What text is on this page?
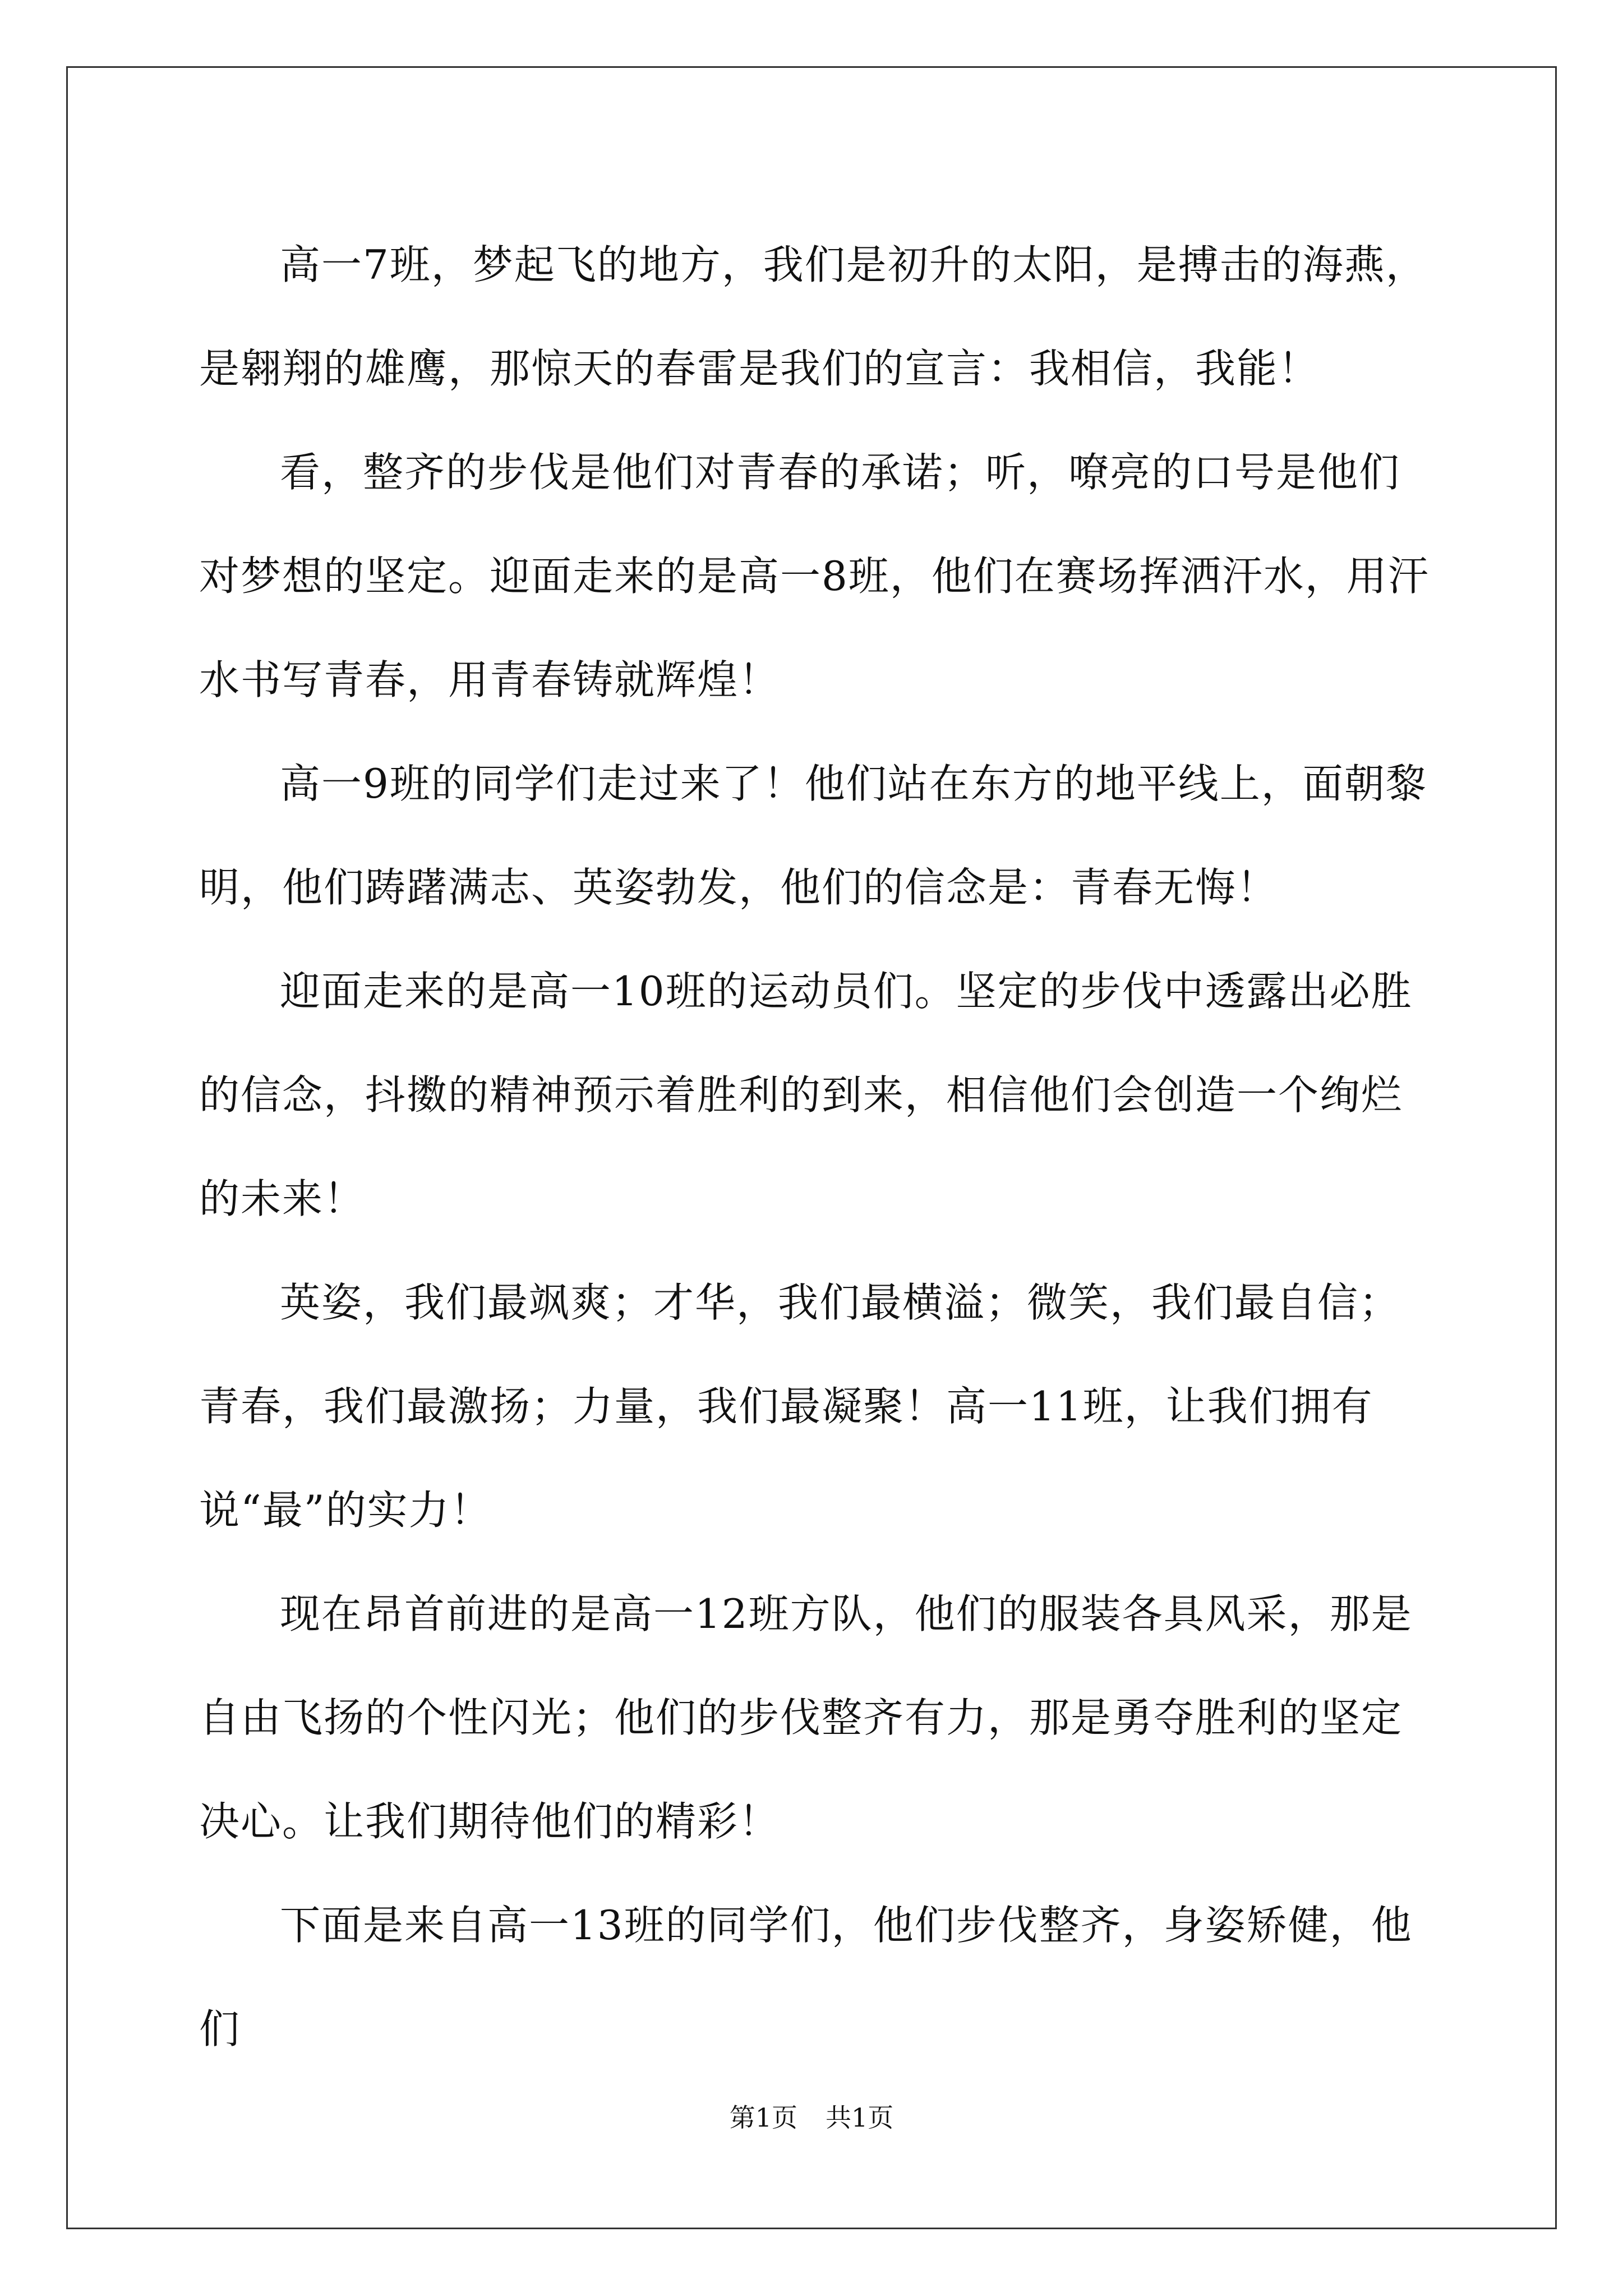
高一7班，梦起飞的地方，我们是初升的太阳，是搏击的海燕，是翱翔的雄鹰，那惊天的春雷是我们的宣言：我相信，我能！

看，整齐的步伐是他们对青春的承诺；听，嘹亮的口号是他们对梦想的坚定。迎面走来的是高一8班，他们在赛场挥洒汗水，用汗水书写青春，用青春铸就辉煌！

高一9班的同学们走过来了！他们站在东方的地平线上，面朝黎明，他们踌躇满志、英姿勃发，他们的信念是：青春无悔！

迎面走来的是高一10班的运动员们。坚定的步伐中透露出必胜的信念，抖擞的精神预示着胜利的到来，相信他们会创造一个绚烂的未来！

英姿，我们最飒爽；才华，我们最横溢；微笑，我们最自信；青春，我们最激扬；力量，我们最凝聚！高一11班，让我们拥有说“最”的实力！

现在昂首前进的是高一12班方队，他们的服装各具风采，那是自由飞扬的个性闪光；他们的步伐整齐有力，那是勇夺胜利的坚定决心。让我们期待他们的精彩！

下面是来自高一13班的同学们，他们步伐整齐，身姿矫健，他们

第1页 共1页
